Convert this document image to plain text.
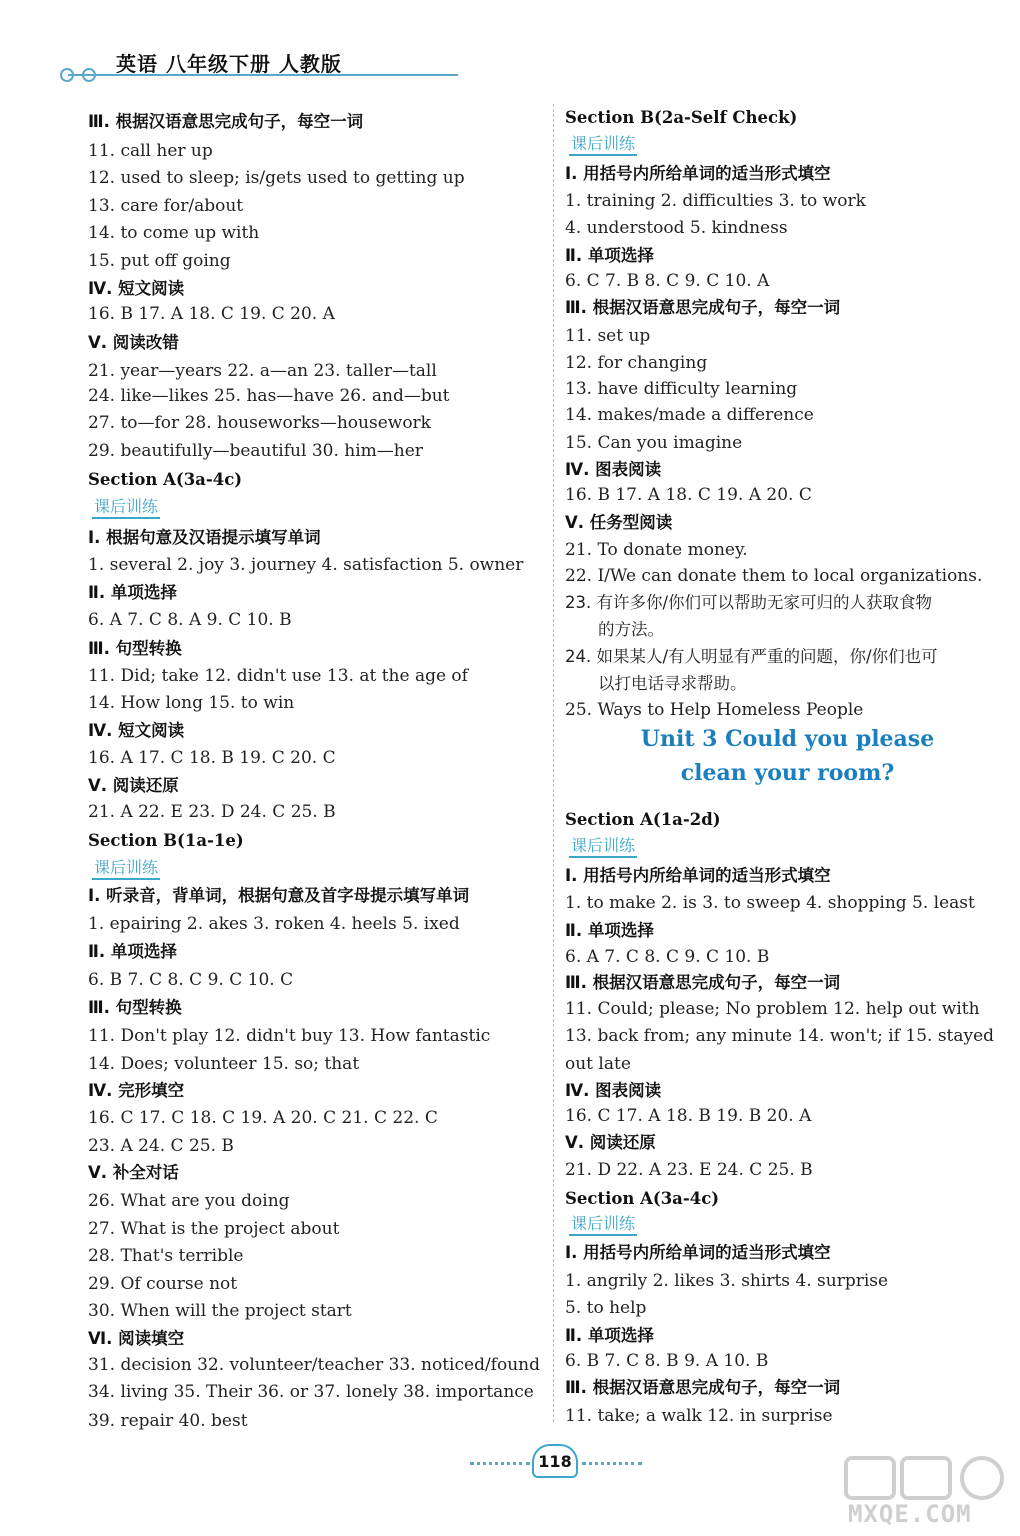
英语 八年级下册 人教版
Ⅲ. 根据汉语意思完成句子，每空一词
11. call her up
12. used to sleep; is/gets used to getting up
13. care for/about
14. to come up with
15. put off going
Ⅳ. 短文阅读
16. B 17. A 18. C 19. C 20. A
Ⅴ. 阅读改错
21. year—years 22. a—an 23. taller—tall
24. like—likes 25. has—have 26. and—but
27. to—for 28. houseworks—housework
29. beautifully—beautiful 30. him—her
Section A(3a-4c)
课后训练
Ⅰ. 根据句意及汉语提示填写单词
1. several 2. joy 3. journey 4. satisfaction 5. owner
Ⅱ. 单项选择
6. A 7. C 8. A 9. C 10. B
Ⅲ. 句型转换
11. Did; take 12. didn't use 13. at the age of
14. How long 15. to win
Ⅳ. 短文阅读
16. A 17. C 18. B 19. C 20. C
Ⅴ. 阅读还原
21. A 22. E 23. D 24. C 25. B
Section B(1a-1e)
课后训练
Ⅰ. 听录音，背单词，根据句意及首字母提示填写单词
1. epairing 2. akes 3. roken 4. heels 5. ixed
Ⅱ. 单项选择
6. B 7. C 8. C 9. C 10. C
Ⅲ. 句型转换
11. Don't play 12. didn't buy 13. How fantastic
14. Does; volunteer 15. so; that
Ⅳ. 完形填空
16. C 17. C 18. C 19. A 20. C 21. C 22. C
23. A 24. C 25. B
Ⅴ. 补全对话
26. What are you doing
27. What is the project about
28. That's terrible
29. Of course not
30. When will the project start
Ⅵ. 阅读填空
31. decision 32. volunteer/teacher 33. noticed/found
34. living 35. Their 36. or 37. lonely 38. importance
39. repair 40. best
Section B(2a-Self Check)
课后训练
Ⅰ. 用括号内所给单词的适当形式填空
1. training 2. difficulties 3. to work
4. understood 5. kindness
Ⅱ. 单项选择
6. C 7. B 8. C 9. C 10. A
Ⅲ. 根据汉语意思完成句子，每空一词
11. set up
12. for changing
13. have difficulty learning
14. makes/made a difference
15. Can you imagine
Ⅳ. 图表阅读
16. B 17. A 18. C 19. A 20. C
Ⅴ. 任务型阅读
21. To donate money.
22. I/We can donate them to local organizations.
23. 有许多你/你们可以帮助无家可归的人获取食物
的方法。
24. 如果某人/有人明显有严重的问题，你/你们也可
以打电话寻求帮助。
25. Ways to Help Homeless People
Unit 3 Could you please
clean your room?
Section A(1a-2d)
课后训练
Ⅰ. 用括号内所给单词的适当形式填空
1. to make 2. is 3. to sweep 4. shopping 5. least
Ⅱ. 单项选择
6. A 7. C 8. C 9. C 10. B
Ⅲ. 根据汉语意思完成句子，每空一词
11. Could; please; No problem 12. help out with
13. back from; any minute 14. won't; if 15. stayed
out late
Ⅳ. 图表阅读
16. C 17. A 18. B 19. B 20. A
Ⅴ. 阅读还原
21. D 22. A 23. E 24. C 25. B
Section A(3a-4c)
课后训练
Ⅰ. 用括号内所给单词的适当形式填空
1. angrily 2. likes 3. shirts 4. surprise
5. to help
Ⅱ. 单项选择
6. B 7. C 8. B 9. A 10. B
Ⅲ. 根据汉语意思完成句子，每空一词
11. take; a walk 12. in surprise
118
MXQE.COM
